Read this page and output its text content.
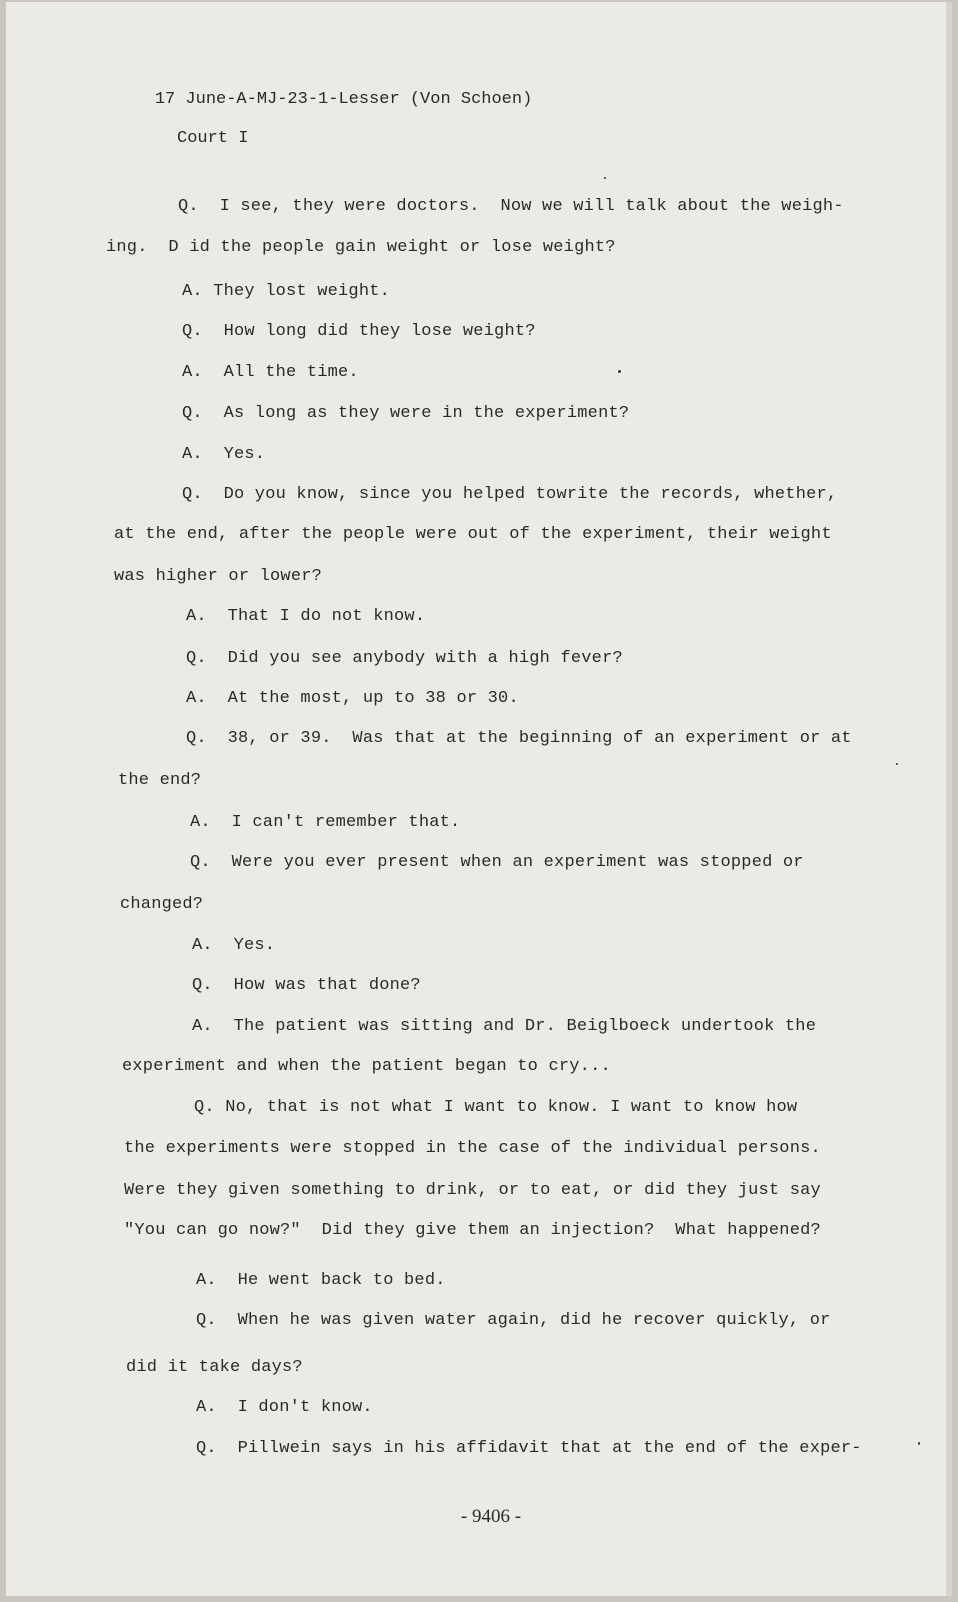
17 June-A-MJ-23-1-Lesser (Von Schoen)

Court I

Q.  I see, they were doctors.  Now we will talk about the weigh-
ing.  D id the people gain weight or lose weight?
A. They lost weight.
Q.  How long did they lose weight?
A.  All the time.
Q.  As long as they were in the experiment?
A.  Yes.
Q.  Do you know, since you helped towrite the records, whether,
at the end, after the people were out of the experiment, their weight
was higher or lower?
A.  That I do not know.
Q.  Did you see anybody with a high fever?
A.  At the most, up to 38 or 30.
Q.  38, or 39.  Was that at the beginning of an experiment or at
the end?
A.  I can't remember that.
Q.  Were you ever present when an experiment was stopped or
changed?
A.  Yes.
Q.  How was that done?
A.  The patient was sitting and Dr. Beiglboeck undertook the
experiment and when the patient began to cry...
Q. No, that is not what I want to know. I want to know how
the experiments were stopped in the case of the individual persons.
Were they given something to drink, or to eat, or did they just say
"You can go now?"  Did they give them an injection?  What happened?
A.  He went back to bed.
Q.  When he was given water again, did he recover quickly, or
did it take days?
A.  I don't know.
Q.  Pillwein says in his affidavit that at the end of the exper-
- 9406 -
